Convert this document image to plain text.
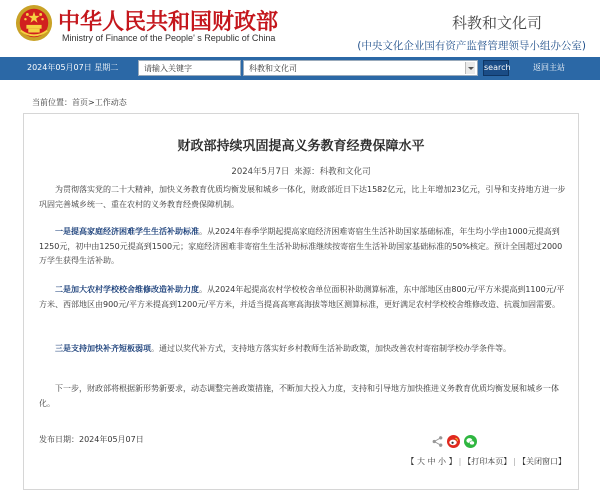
中华人民共和国财政部
Ministry of Finance of the People' s Republic of China
科教和文化司
(中央文化企业国有资产监督管理领导小组办公室)
2024年05月07日 星期二	请输入关键字	科教和文化司	search	返回主站
当前位置：首页>工作动态
财政部持续巩固提高义务教育经费保障水平
2024年5月7日 来源：科教和文化司
为贯彻落实党的二十大精神，加快义务教育优质均衡发展和城乡一体化，财政部近日下达1582亿元，比上年增加23亿元，引导和支持地方进一步巩固完善城乡统一、重在农村的义务教育经费保障机制。
一是提高家庭经济困难学生生活补助标准。从2024年春季学期起提高家庭经济困难寄宿生生活补助国家基础标准，年生均小学由1000元提高到1250元，初中由1250元提高到1500元；家庭经济困难非寄宿生生活补助标准继续按寄宿生生活补助国家基础标准的50%核定。预计全国超过2000万学生获得生活补助。
二是加大农村学校校舍维修改造补助力度。从2024年起提高农村学校校舍单位面积补助测算标准，东中部地区由800元/平方米提高到1100元/平方米、西部地区由900元/平方米提高到1200元/平方米，并适当提高高寒高海拔等地区测算标准，更好满足农村学校校舍维修改造、抗震加固需要。
三是支持加快补齐短板弱项。通过以奖代补方式，支持地方落实好乡村教师生活补助政策，加快改善农村寄宿制学校办学条件等。
下一步，财政部将根据新形势新要求，动态调整完善政策措施，不断加大投入力度，支持和引导地方加快推进义务教育优质均衡发展和城乡一体化。
发布日期：2024年05月07日
【 大 中 小 】 | 【打印本页】 | 【关闭窗口】
